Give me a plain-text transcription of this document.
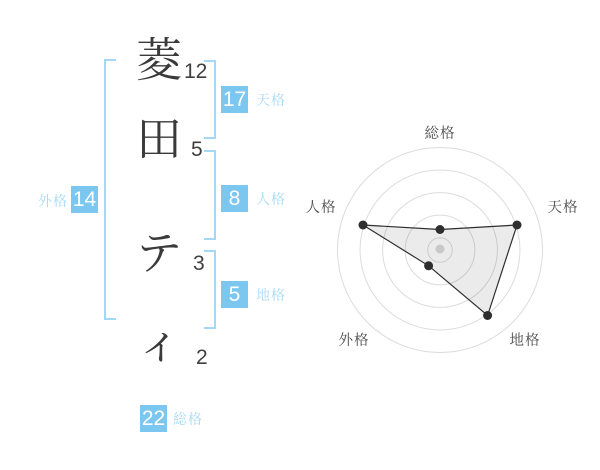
菱
田
テ
ィ
12
5
3
2
17 天格
8	人格
5	地格
外格 14
22 総格
総格
天格
地格
外格
人格
